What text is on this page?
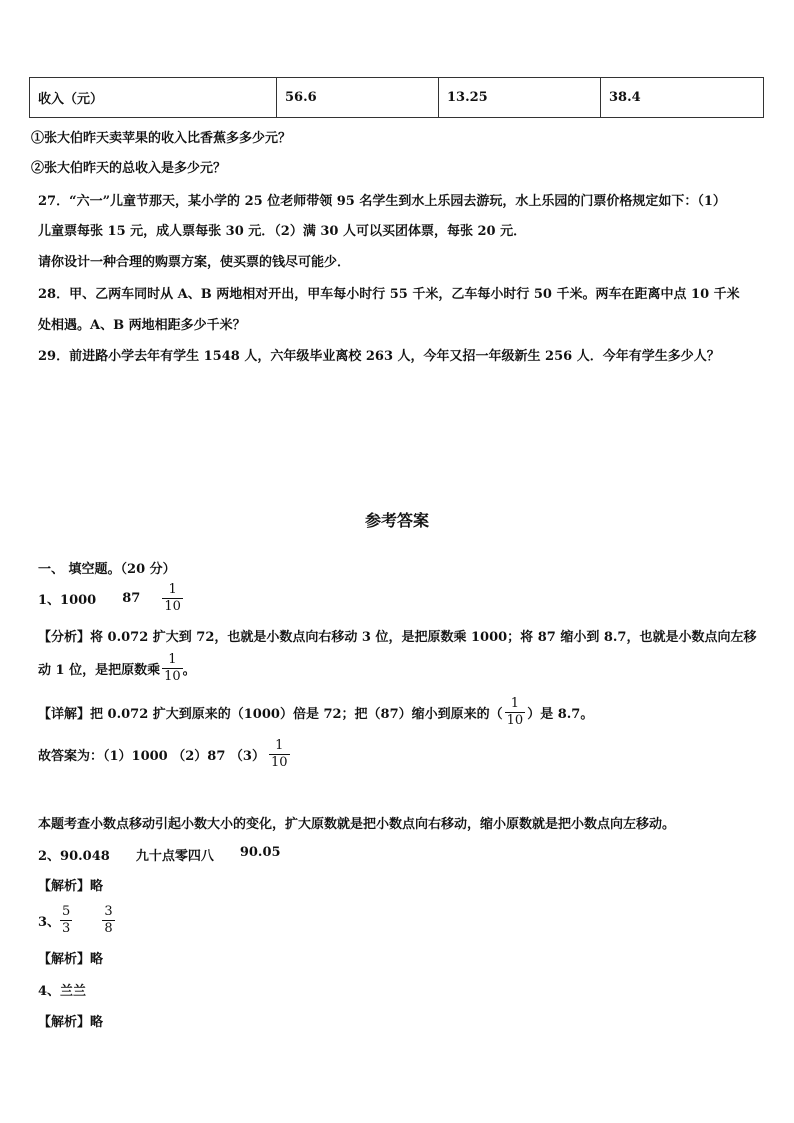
收入（元）	56.6	13.25	38.4
①张大伯昨天卖苹果的收入比香蕉多多少元？
②张大伯昨天的总收入是多少元？
27．“六一”儿童节那天，某小学的 25 位老师带领 95 名学生到水上乐园去游玩，水上乐园的门票价格规定如下：（1）
儿童票每张 15 元，成人票每张 30 元．（2）满 30 人可以买团体票，每张 20 元．
请你设计一种合理的购票方案，使买票的钱尽可能少．
28．甲、乙两车同时从 A、B 两地相对开出，甲车每小时行 55 千米，乙车每小时行 50 千米。两车在距离中点 10 千米
处相遇。A、B 两地相距多少千米？
29．前进路小学去年有学生 1548 人，六年级毕业离校 263 人，今年又招一年级新生 256 人．今年有学生多少人？
参考答案
一、 填空题。（20 分）
1、1000 $87 \frac{1}{10}$
【分析】将 0.072 扩大到 72，也就是小数点向右移动 3 位，是把原数乘 1000；将 87 缩小到 8.7，也就是小数点向左移
动 1 位，是把原数乘 $\frac{1}{10}$ 。
【详解】把 0.072 扩大到原来的（1000）倍是 72；把（87）缩小到原来的（ $\frac{1}{10}$ ）是 8.7。
故答案为：（1）1000 （2）87 $(3) \frac{1}{10}$
本题考查小数点移动引起小数大小的变化，扩大原数就是把小数点向右移动，缩小原数就是把小数点向左移动。
2、90.048 九十点零四八 90.05
【解析】略
3、 $\frac{5}{3} \frac{3}{8}$
【解析】略
4、兰兰
【解析】略
